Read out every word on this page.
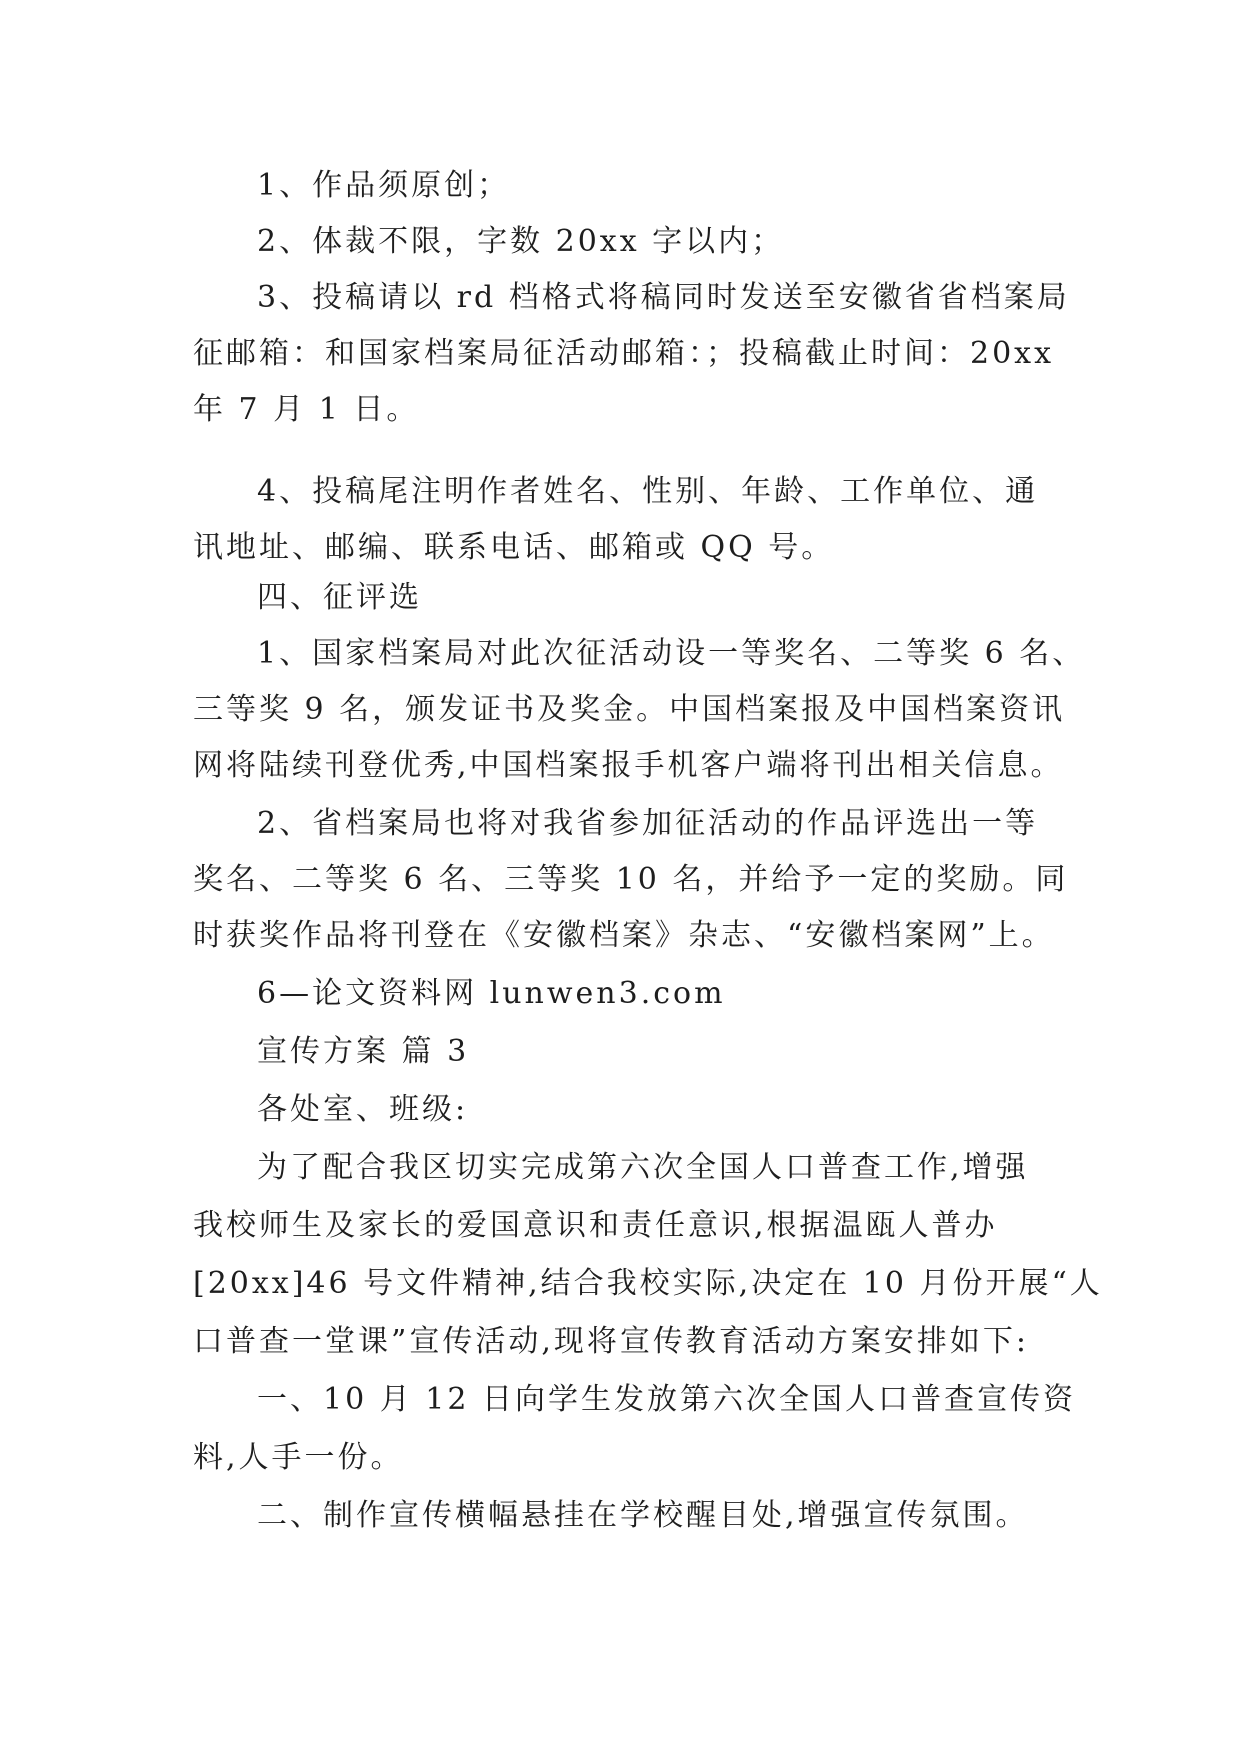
1、作品须原创；
2、体裁不限，字数 20xx 字以内；
3、投稿请以 rd 档格式将稿同时发送至安徽省省档案局
征邮箱：和国家档案局征活动邮箱：；投稿截止时间：20xx
年 7 月 1 日。
4、投稿尾注明作者姓名、性别、年龄、工作单位、通
讯地址、邮编、联系电话、邮箱或 QQ 号。
四、征评选
1、国家档案局对此次征活动设一等奖名、二等奖 6 名、
三等奖 9 名，颁发证书及奖金。中国档案报及中国档案资讯
网将陆续刊登优秀,中国档案报手机客户端将刊出相关信息。
2、省档案局也将对我省参加征活动的作品评选出一等
奖名、二等奖 6 名、三等奖 10 名，并给予一定的奖励。同
时获奖作品将刊登在《安徽档案》杂志、“安徽档案网”上。
6—论文资料网 lunwen3.com
宣传方案 篇 3
各处室、班级:
为了配合我区切实完成第六次全国人口普查工作,增强
我校师生及家长的爱国意识和责任意识,根据温瓯人普办
[20xx]46 号文件精神,结合我校实际,决定在 10 月份开展“人
口普查一堂课”宣传活动,现将宣传教育活动方案安排如下:
一、10 月 12 日向学生发放第六次全国人口普查宣传资
料,人手一份。
二、制作宣传横幅悬挂在学校醒目处,增强宣传氛围。
